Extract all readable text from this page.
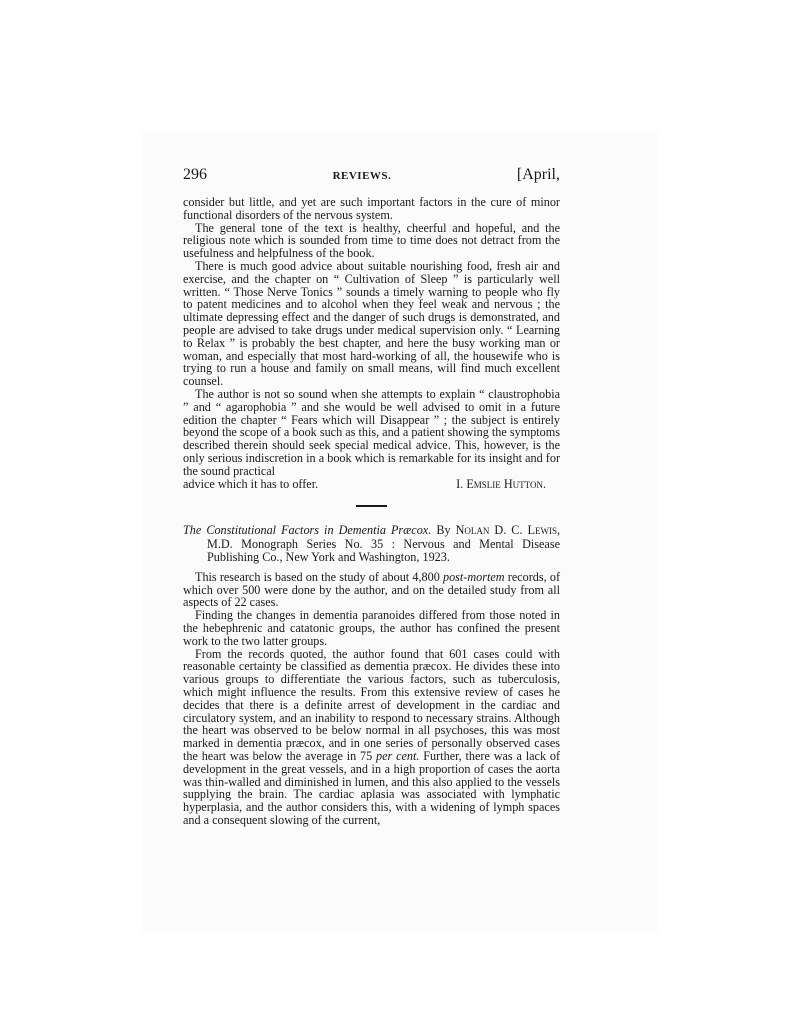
296	REVIEWS.	[April,

consider but little, and yet are such important factors in the cure of minor functional disorders of the nervous system.

The general tone of the text is healthy, cheerful and hopeful, and the religious note which is sounded from time to time does not detract from the usefulness and helpfulness of the book.

There is much good advice about suitable nourishing food, fresh air and exercise, and the chapter on “ Cultivation of Sleep ” is particularly well written. “ Those Nerve Tonics ” sounds a timely warning to people who fly to patent medicines and to alcohol when they feel weak and nervous ; the ultimate depressing effect and the danger of such drugs is demonstrated, and people are advised to take drugs under medical supervision only. “ Learning to Relax ” is probably the best chapter, and here the busy working man or woman, and especially that most hard-working of all, the housewife who is trying to run a house and family on small means, will find much excellent counsel.

The author is not so sound when she attempts to explain “ claustrophobia ” and “ agarophobia ” and she would be well advised to omit in a future edition the chapter “ Fears which will Disappear ” ; the subject is entirely beyond the scope of a book such as this, and a patient showing the symptoms described therein should seek special medical advice. This, however, is the only serious indiscretion in a book which is remarkable for its insight and for the sound practical

advice which it has to offer.	I. Emslie Hutton.

The Constitutional Factors in Dementia Præcox. By Nolan D. C. Lewis, M.D. Monograph Series No. 35 : Nervous and Mental Disease Publishing Co., New York and Washington, 1923.

This research is based on the study of about 4,800 post-mortem records, of which over 500 were done by the author, and on the detailed study from all aspects of 22 cases.

Finding the changes in dementia paranoides differed from those noted in the hebephrenic and catatonic groups, the author has confined the present work to the two latter groups.

From the records quoted, the author found that 601 cases could with reasonable certainty be classified as dementia præcox. He divides these into various groups to differentiate the various factors, such as tuberculosis, which might influence the results. From this extensive review of cases he decides that there is a definite arrest of development in the cardiac and circulatory system, and an inability to respond to necessary strains. Although the heart was observed to be below normal in all psychoses, this was most marked in dementia præcox, and in one series of personally observed cases the heart was below the average in 75 per cent. Further, there was a lack of development in the great vessels, and in a high proportion of cases the aorta was thin-walled and diminished in lumen, and this also applied to the vessels supplying the brain. The cardiac aplasia was associated with lymphatic hyperplasia, and the author considers this, with a widening of lymph spaces and a consequent slowing of the current,
